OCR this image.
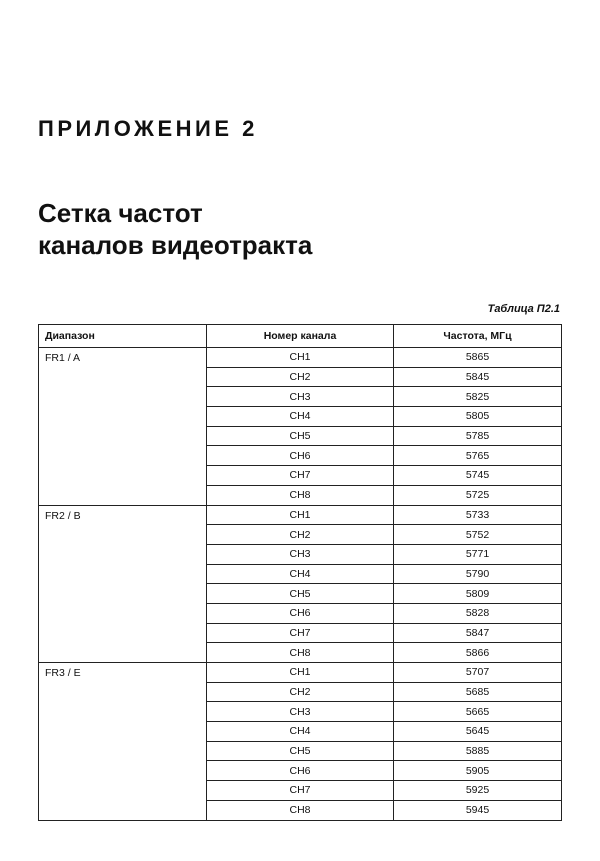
ПРИЛОЖЕНИЕ 2
Сетка частот
каналов видеотракта
Таблица П2.1
Диапазон	Номер канала	Частота, МГц
FR1 / A	CH1	5865
	CH2	5845
	CH3	5825
	CH4	5805
	CH5	5785
	CH6	5765
	CH7	5745
	CH8	5725
FR2 / B	CH1	5733
	CH2	5752
	CH3	5771
	CH4	5790
	CH5	5809
	CH6	5828
	CH7	5847
	CH8	5866
FR3 / E	CH1	5707
	CH2	5685
	CH3	5665
	CH4	5645
	CH5	5885
	CH6	5905
	CH7	5925
	CH8	5945
